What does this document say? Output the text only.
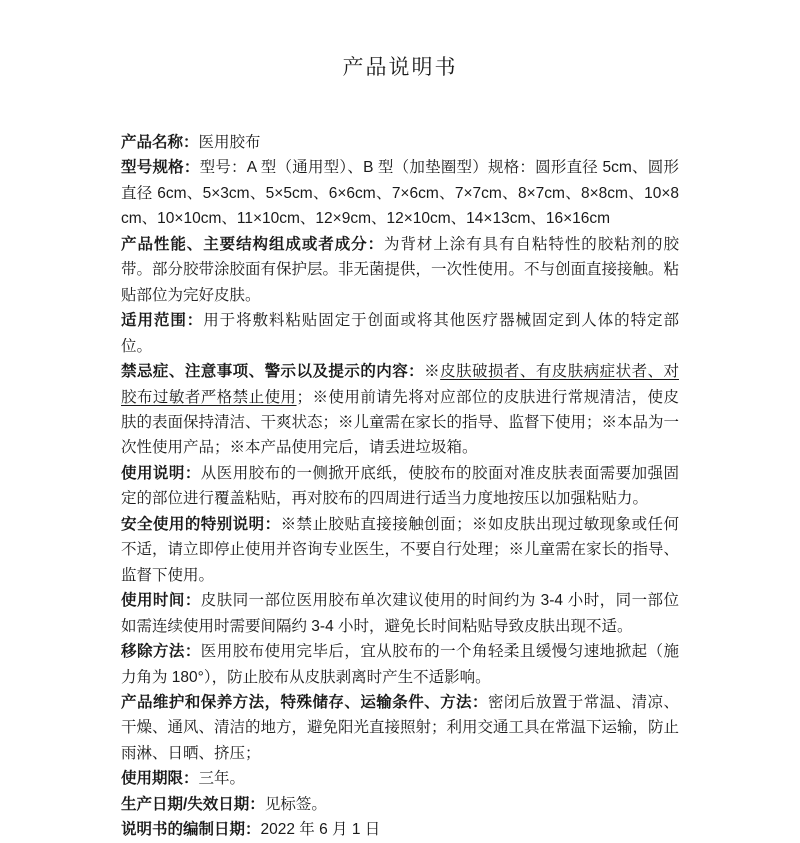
产品说明书

产品名称：医用胶布

型号规格：型号：A 型（通用型）、B 型（加垫圈型）规格：圆形直径 5cm、圆形直径 6cm、5×3cm、5×5cm、6×6cm、7×6cm、7×7cm、8×7cm、8×8cm、10×8cm、10×10cm、11×10cm、12×9cm、12×10cm、14×13cm、16×16cm

产品性能、主要结构组成或者成分：为背材上涂有具有自粘特性的胶粘剂的胶带。部分胶带涂胶面有保护层。非无菌提供，一次性使用。不与创面直接接触。粘贴部位为完好皮肤。

适用范围：用于将敷料粘贴固定于创面或将其他医疗器械固定到人体的特定部位。

禁忌症、注意事项、警示以及提示的内容：※皮肤破损者、有皮肤病症状者、对胶布过敏者严格禁止使用；※使用前请先将对应部位的皮肤进行常规清洁，使皮肤的表面保持清洁、干爽状态；※儿童需在家长的指导、监督下使用；※本品为一次性使用产品；※本产品使用完后，请丢进垃圾箱。

使用说明：从医用胶布的一侧掀开底纸，使胶布的胶面对准皮肤表面需要加强固定的部位进行覆盖粘贴，再对胶布的四周进行适当力度地按压以加强粘贴力。

安全使用的特别说明：※禁止胶贴直接接触创面；※如皮肤出现过敏现象或任何不适，请立即停止使用并咨询专业医生，不要自行处理；※儿童需在家长的指导、监督下使用。

使用时间：皮肤同一部位医用胶布单次建议使用的时间约为 3-4 小时，同一部位如需连续使用时需要间隔约 3-4 小时，避免长时间粘贴导致皮肤出现不适。

移除方法：医用胶布使用完毕后，宜从胶布的一个角轻柔且缓慢匀速地掀起（施力角为 180°），防止胶布从皮肤剥离时产生不适影响。

产品维护和保养方法，特殊储存、运输条件、方法：密闭后放置于常温、清凉、干燥、通风、清洁的地方，避免阳光直接照射；利用交通工具在常温下运输，防止雨淋、日晒、挤压；

使用期限：三年。

生产日期/失效日期：见标签。

说明书的编制日期：2022 年 6 月 1 日
